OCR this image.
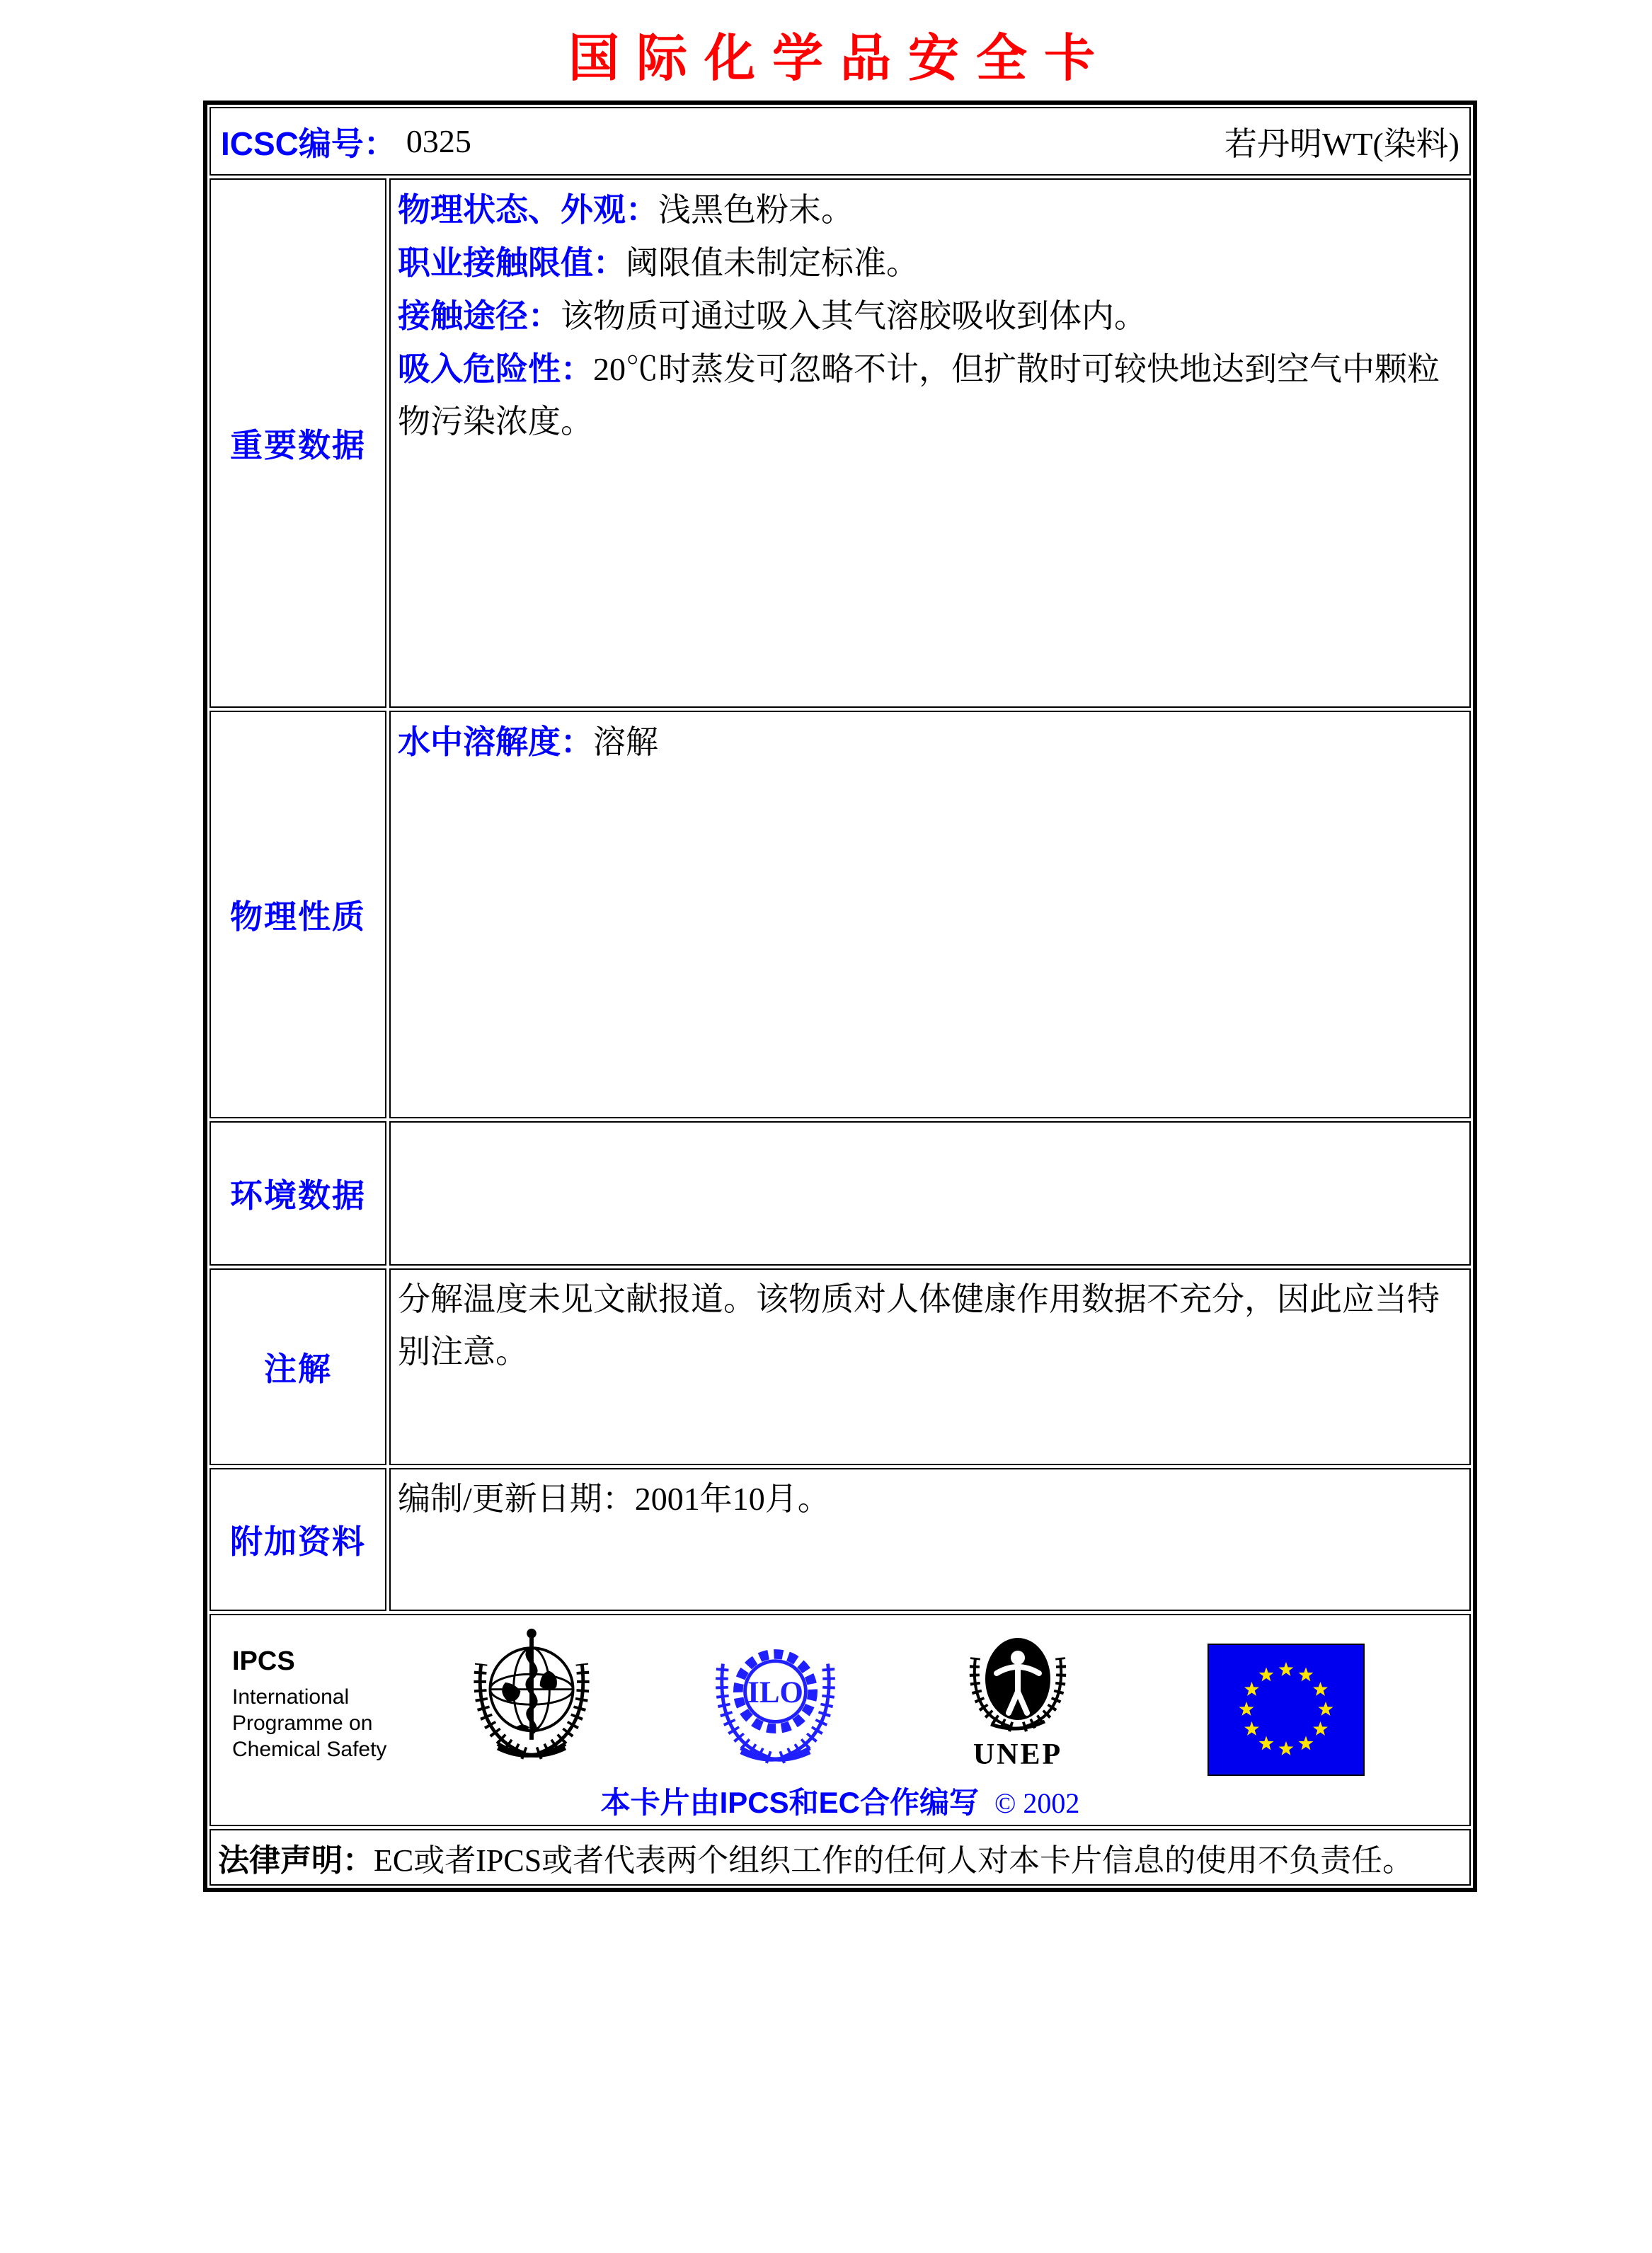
国际化学品安全卡
ICSC编号： 0325	若丹明WT(染料)
重要数据
物理状态、外观：浅黑色粉末。
职业接触限值：阈限值未制定标准。
接触途径：该物质可通过吸入其气溶胶吸收到体内。
吸入危险性：20℃时蒸发可忽略不计，但扩散时可较快地达到空气中颗粒物污染浓度。
物理性质
水中溶解度：溶解
环境数据
注解
分解温度未见文献报道。该物质对人体健康作用数据不充分，因此应当特别注意。
附加资料
编制/更新日期：2001年10月。
IPCS
International
Programme on
Chemical Safety
ILO
UNEP
本卡片由IPCS和EC合作编写 © 2002
法律声明： EC或者IPCS或者代表两个组织工作的任何人对本卡片信息的使用不负责任。
